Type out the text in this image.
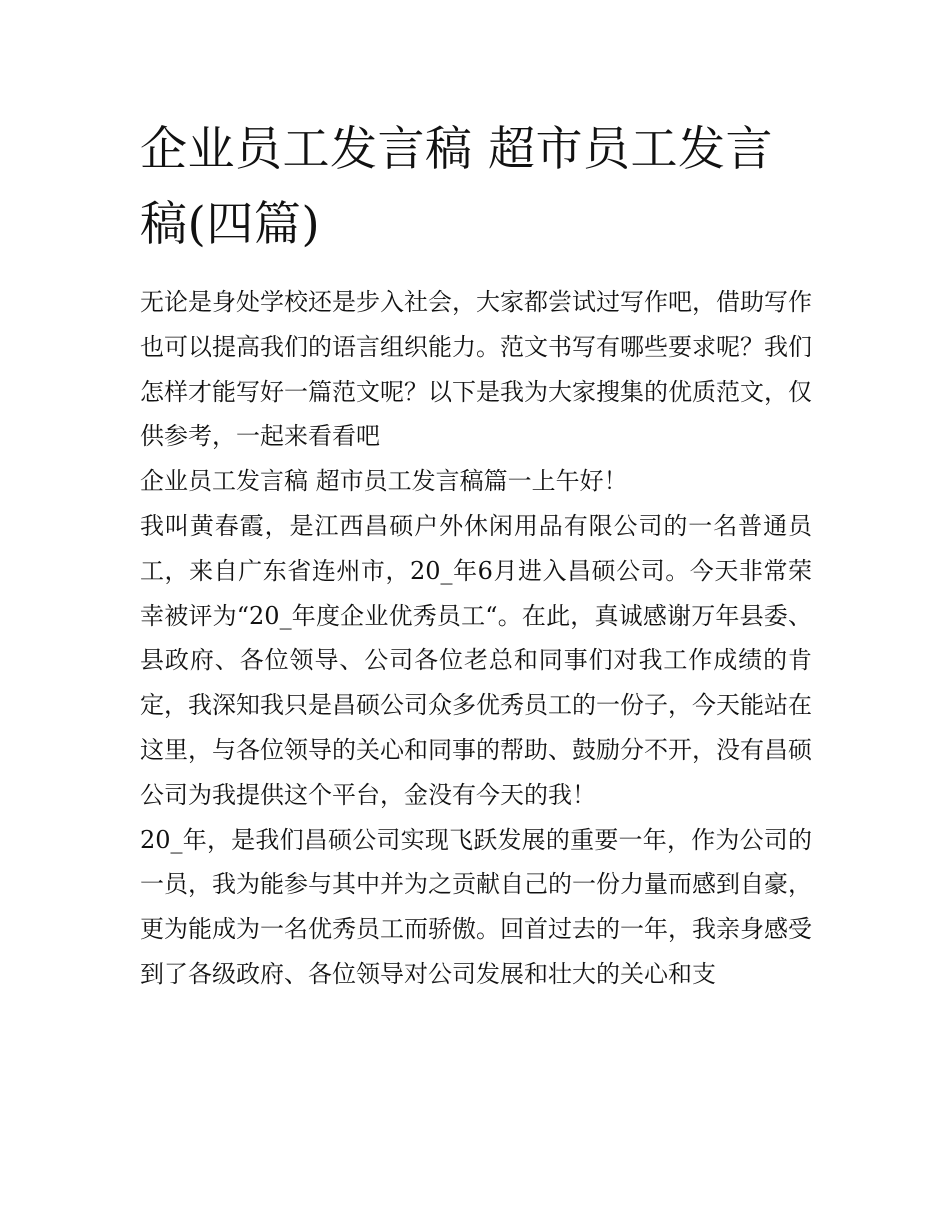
企业员工发言稿 超市员工发言稿(四篇)

无论是身处学校还是步入社会，大家都尝试过写作吧，借助写作也可以提高我们的语言组织能力。范文书写有哪些要求呢？我们怎样才能写好一篇范文呢？以下是我为大家搜集的优质范文，仅供参考，一起来看看吧

企业员工发言稿 超市员工发言稿篇一上午好！

我叫黄春霞，是江西昌硕户外休闲用品有限公司的一名普通员工，来自广东省连州市，20_年6月进入昌硕公司。今天非常荣幸被评为“20_年度企业优秀员工“。在此，真诚感谢万年县委、县政府、各位领导、公司各位老总和同事们对我工作成绩的肯定，我深知我只是昌硕公司众多优秀员工的一份子，今天能站在这里，与各位领导的关心和同事的帮助、鼓励分不开，没有昌硕公司为我提供这个平台，金没有今天的我！

20_年，是我们昌硕公司实现飞跃发展的重要一年，作为公司的一员，我为能参与其中并为之贡献自己的一份力量而感到自豪，更为能成为一名优秀员工而骄傲。回首过去的一年，我亲身感受到了各级政府、各位领导对公司发展和壮大的关心和支
